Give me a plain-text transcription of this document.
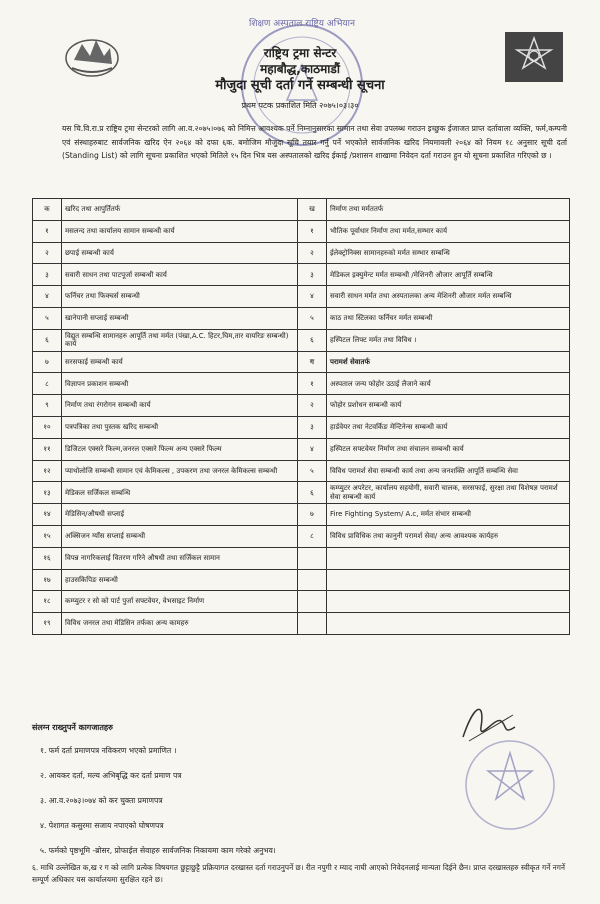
शिक्षण अस्पताल राष्ट्रिय अभियान
राष्ट्रिय ट्रमा सेन्टर
महाबौद्ध,काठमाडौं
मौजुदा सूची दर्ता गर्ने सम्बन्धी सूचना
प्रथम पटक प्रकाशित मिति २०७५।०३।३०
यस चि.वि.रा.प्र राष्ट्रिय ट्रमा सेन्टरको लागि आ.व.२०७५।०७६ को निमित्त आवश्यक पर्ने निम्नानुसारका सामान तथा सेवा उपलब्ध गराउन इच्छुक ईजाजत प्राप्त दर्तावाला व्यक्ति, फर्म,कम्पनी एवं संस्थाहरुबाट सार्वजनिक खरिद ऐन २०६४ को दफा ६क. बमोजिम मौजुदा सूचि तयार गर्नु पर्ने भएकोले सार्वजनिक खरिद नियमावली २०६४ को नियम १८ अनुसार सूची दर्ता (Standing List) को लागि सूचना प्रकाशित भएको मितिले १५ दिन भित्र यस अस्पतालको खरिद ईकाई /प्रशासन शाखामा निवेदन दर्ता गराउन हुन यो सूचना प्रकाशित गरिएको छ ।
क	खरिद तथा आपुर्तितर्फ	ख	निर्माण तथा मर्मततर्फ
१	मसलन्द तथा कार्यालय सामान सम्बन्धी कार्य	१	भौतिक पूर्वाधार निर्माण तथा मर्मत,सम्भार कार्य
२	छपाई सम्बन्धी कार्य	२	ईलेक्ट्रोनिक्स सामानहरुको मर्मत सम्भार सम्बन्धि
३	सवारी साधन तथा पाटपूर्जा सम्बन्धी कार्य	३	मेडिकल इक्युमेन्ट मर्मत सम्बन्धी /मेशिनरी औजार आपूर्ति सम्बन्धि
४	फर्निचर तथा फिक्चर्स सम्बन्धी	४	सवारी साधन मर्मत तथा अस्पतालका अन्य मेशिनरी औजार मर्मत सम्बन्धि
५	खानेपानी सप्लाई सम्बन्धी	५	काठ तथा स्टिलका फर्निचर मर्मत सम्बन्धी
६	विद्युत सम्बन्धि सामानहरु आपूर्ति तथा मर्मत (पंखा,A.C. हिटर,घिम,तार वायरिङ सम्बन्धी) कार्य	६	हस्पिटल लिफ्ट मर्मत तथा विविध ।
७	सरसफाई सम्बन्धी कार्य	ग	परामर्श सेवातर्फ
८	विज्ञापन प्रकाशन सम्बन्धी	१	अस्पताल जन्य फोहोर उठाई लैजाने कार्य
९	निर्माण तथा रंगरोगन सम्बन्धी कार्य	२	फोहोर प्रशोधन सम्बन्धी कार्य
१०	पत्रपत्रिका तथा पुस्तक खरिद सम्बन्धी	३	हार्डवेयर तथा नेटवर्किङ मेन्टिनेन्स सम्बन्धी कार्य
११	डिजिटल एक्सरे फिल्म,जनरल एक्सरे फिल्म अन्य एक्सरे फिल्म	४	हस्पिटल सफ्टवेयर निर्माण तथा संचालन सम्बन्धी कार्य
१२	प्याथोलोजि सम्बन्धी सामान एवं केमिकल्स , उपकरण तथा जनरल केमिकल्स सम्बन्धी	५	विविध परामर्श सेवा सम्बन्धी कार्य तथा अन्य जनशक्ति आपूर्ति सम्बन्धि सेवा
१३	मेडिकल सर्जिकल सम्बन्धि	६	कम्प्युटर अपरेटर, कार्यालय सहयोगी, सवारी चालक, सरसफाई, सुरक्षा तथा विशेषज्ञ परामर्श सेवा सम्बन्धी कार्य
१४	मेडिसिन/औषधी सप्लाई	७	Fire Fighting System/ A.c, मर्मत संभार सम्बन्धी
१५	अक्सिजन ग्याँस सप्लाई सम्बन्धी	८	विविध प्राविधिक तथा कानुनी परामर्श सेवा/ अन्य आवश्यक कार्यहरु
१६	विपन्न नागरिकलाई वितरण गरिने औषधी तथा सर्जिकल सामान		
१७	हाउसकिपिङ सम्बन्धी		
१८	कम्प्युटर र सो को पार्ट पुर्जा सफ्टवेयर, वेभसाइट निर्माण		
१९	विविध जनरल तथा मेडिसिन तर्फका अन्य कामहरु		
संलग्न राख्नुपर्ने कागजातहरु
१. फर्म दर्ता प्रमाणपत्र नविकरण भएको प्रमाणित ।
२. आयकर दर्ता, मल्य अभिबृद्धि कर दर्ता प्रमाण पत्र
३. आ.व.२०७३।०७४ को कर चुक्ता प्रमाणपत्र
४. पेशागत कसुरमा सजाय नपाएको घोषणपत्र
५. फर्मको पृष्ठभूमि -ब्रोसर, प्रोफाईल सेवाहरु सार्वजनिक निकायमा काम गरेको अनुभव।
६. माथि उल्लेखित क,ख र ग को लागि प्रत्येक विषयगत छुट्टाछुट्टै प्रक्रियागत दरखास्त दर्ता गराउनुपर्ने छ। रीत नपुगी र म्याद नाघी आएको निवेदनलाई मान्यता दिईने छैन। प्राप्त दरखास्तहरु स्वीकृत गर्ने नगर्ने सम्पूर्ण अधिकार यस कार्यालयमा सुरक्षित रहने छ।
